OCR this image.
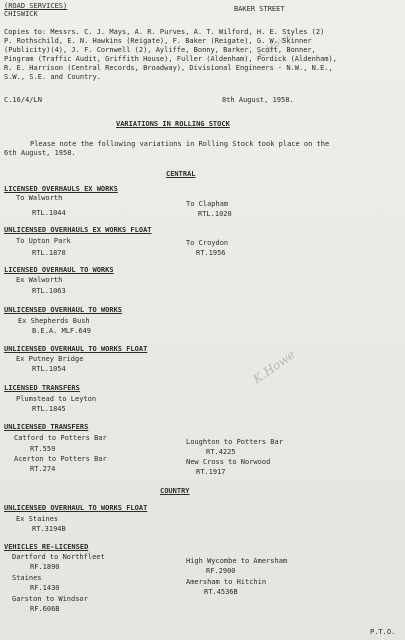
K.Howe
K.Howe
(ROAD SERVICES)
CHISWICK
BAKER STREET
Copies to: Messrs. C. J. Mays, A. R. Purves, A. T. Wilford, H. E. Styles (2)
P. Rothschild, E. N. Hawkins (Reigate), F. Baker (Reigate), G. W. Skinner
(Publicity)(4), J. F. Cornwell (2), Ayliffe, Bonny, Barker, Scott, Bonner,
Pingram (Traffic Audit, Griffith House), Fuller (Aldenham), Fordick (Aldenham),
R. E. Harrison (Central Records, Broadway), Divisional Engineers - N.W., N.E.,
S.W., S.E. and Country.
C.16/4/LN	8th August, 1958.
VARIATIONS IN ROLLING STOCK
Please note the following variations in Rolling Stock took place on the
6th August, 1958.
CENTRAL
LICENSED OVERHAULS EX WORKS
To Walworth
RTL.1044
To Clapham
RTL.1020
UNLICENSED OVERHAULS EX WORKS FLOAT
To Upton Park
RTL.1870
To Croydon
RT.1956
LICENSED OVERHAUL TO WORKS
Ex Walworth
RTL.1063
UNLICENSED OVERHAUL TO WORKS
Ex Shepherds Bush
B.E.A. MLF.649
UNLICENSED OVERHAUL TO WORKS FLOAT
Ex Putney Bridge
RTL.1054
LICENSED TRANSFERS
Plumstead to Leyton
RTL.1845
UNLICENSED TRANSFERS
Catford to Potters Bar
RT.559
Acerton to Potters Bar
RT.274
Loughton to Potters Bar
RT.4225
New Cross to Norwood
RT.1917
COUNTRY
UNLICENSED OVERHAUL TO WORKS FLOAT
Ex Staines
RT.3194B
VEHICLES RE-LICENSED
Dartford to Northfleet
RF.1890
Staines
RF.1430
Garston to Windsor
RF.606B
High Wycombe to Amersham
RF.2900
Amersham to Hitchin
RT.4536B
P.T.O.
